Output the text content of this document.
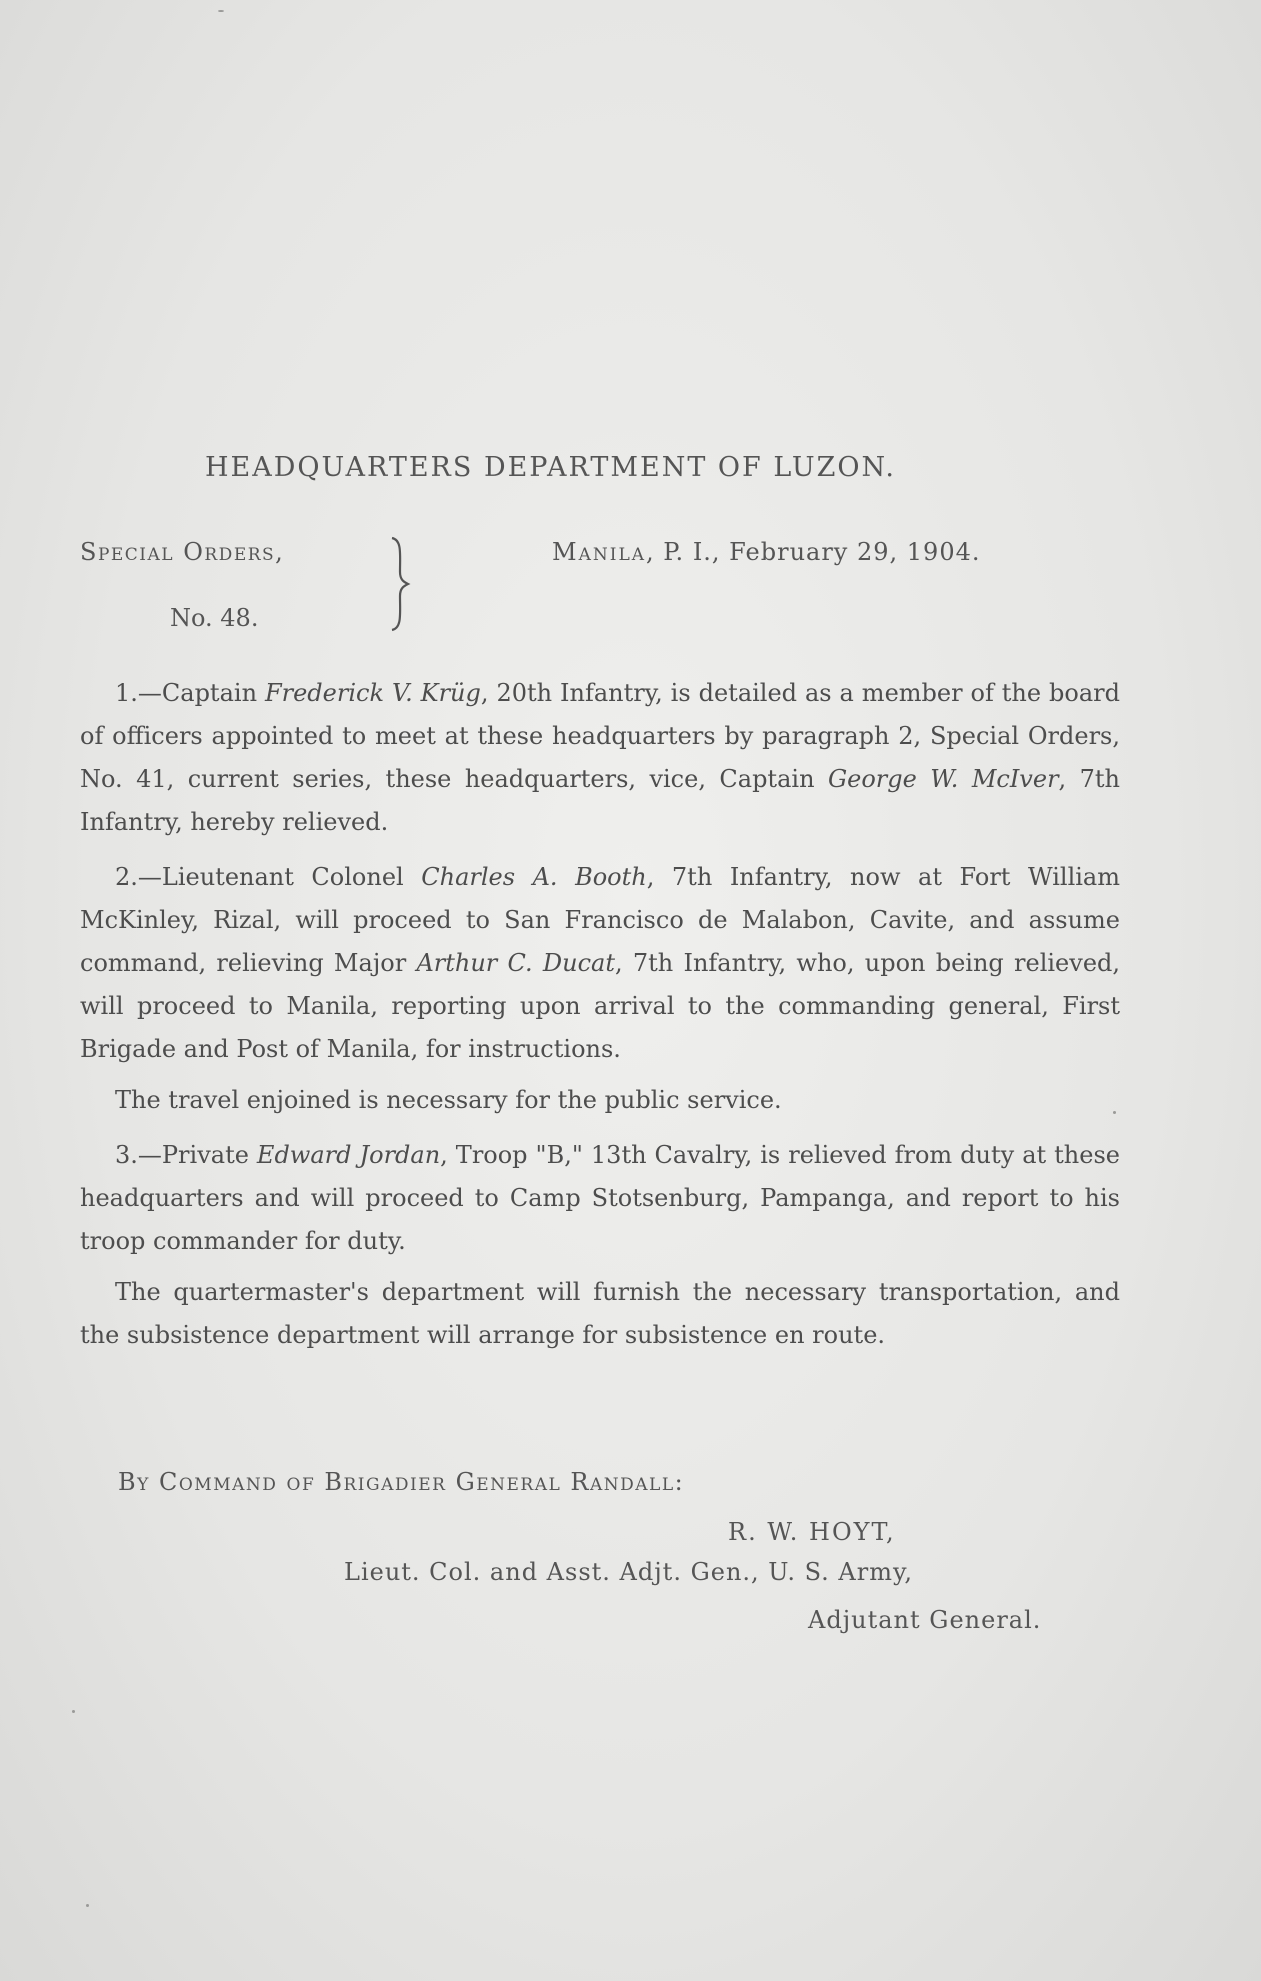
HEADQUARTERS DEPARTMENT OF LUZON.
Special Orders,
No. 48.
Manila, P. I., February 29, 1904.

1.—Captain Frederick V. Krüg, 20th Infantry, is detailed as a member of the board of officers appointed to meet at these headquarters by paragraph 2, Special Orders, No. 41, current series, these headquarters, vice, Captain George W. McIver, 7th Infantry, hereby relieved.

2.—Lieutenant Colonel Charles A. Booth, 7th Infantry, now at Fort William McKinley, Rizal, will proceed to San Francisco de Malabon, Cavite, and assume command, relieving Major Arthur C. Ducat, 7th Infantry, who, upon being relieved, will proceed to Manila, reporting upon arrival to the commanding general, First Brigade and Post of Manila, for instructions.

The travel enjoined is necessary for the public service.

3.—Private Edward Jordan, Troop "B," 13th Cavalry, is relieved from duty at these headquarters and will proceed to Camp Stotsenburg, Pampanga, and report to his troop commander for duty.

The quartermaster's department will furnish the necessary transportation, and the subsistence department will arrange for subsistence en route.

By Command of Brigadier General Randall:
R. W. HOYT,
Lieut. Col. and Asst. Adjt. Gen., U. S. Army,
Adjutant General.
